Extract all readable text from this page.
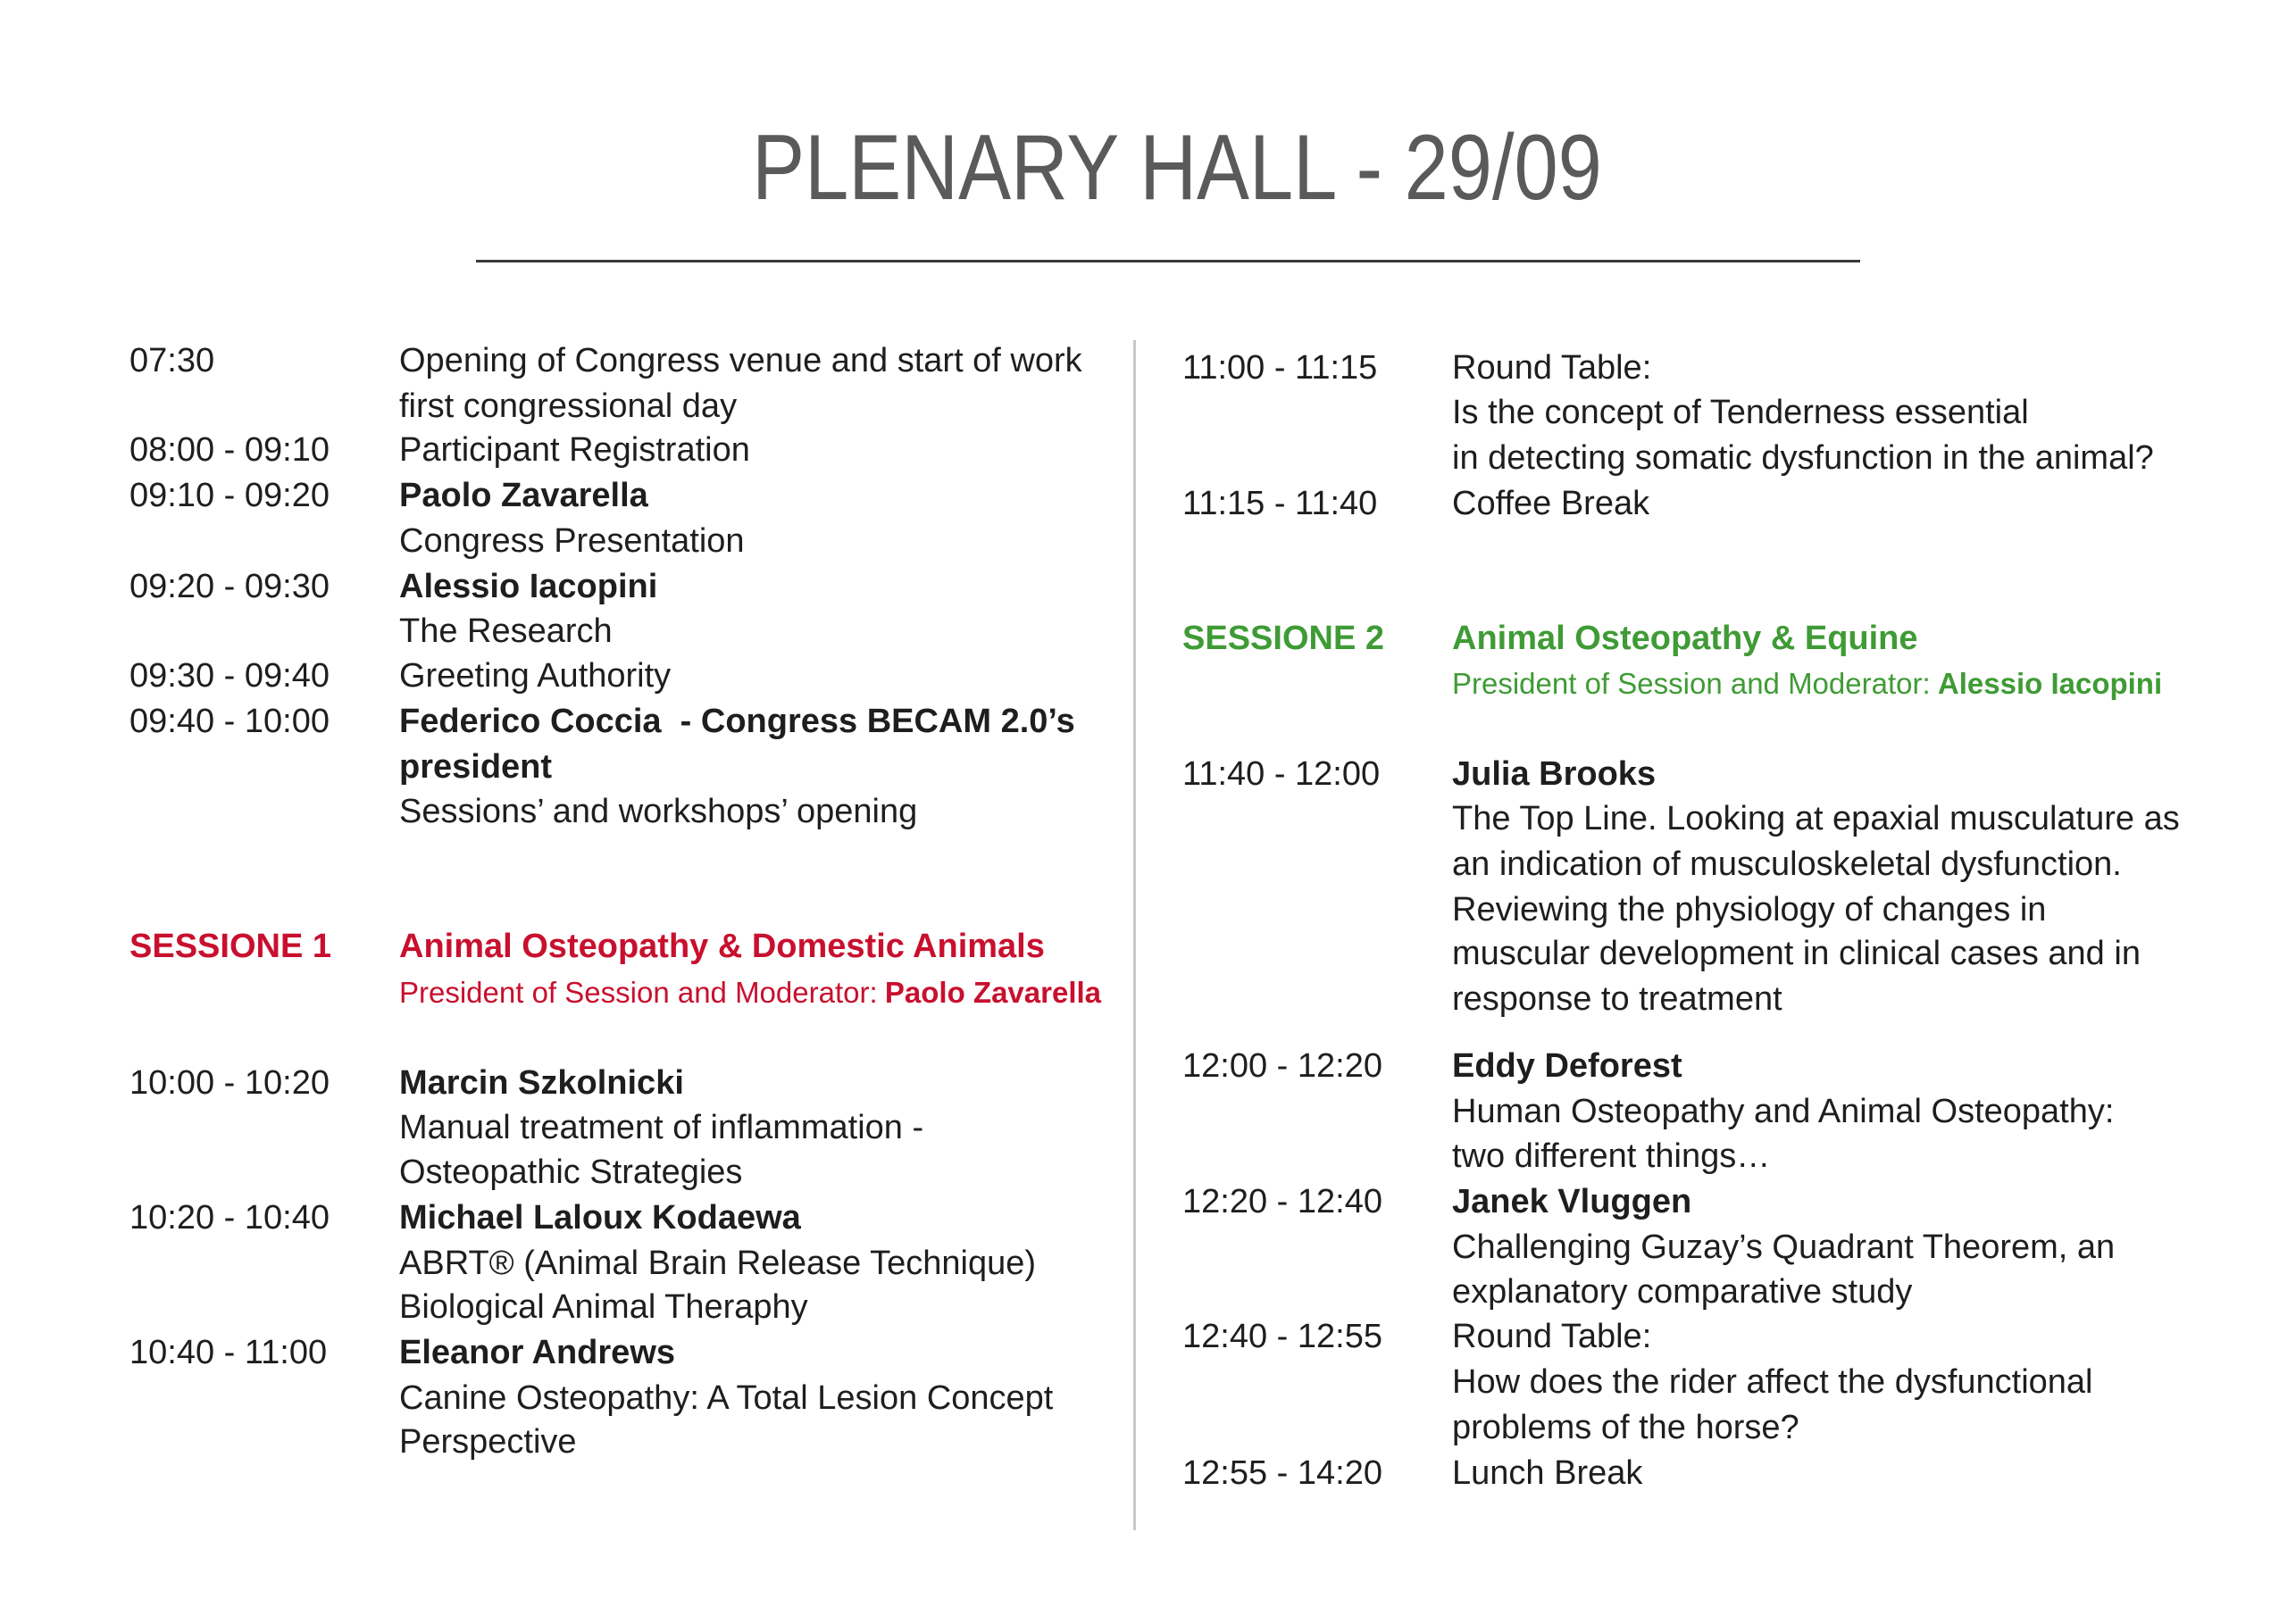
PLENARY HALL - 29/09
07:30	Opening of Congress venue and start of work
first congressional day
08:00 - 09:10 Participant Registration
09:10 - 09:20 Paolo Zavarella
Congress Presentation
09:20 - 09:30 Alessio Iacopini
The Research
09:30 - 09:40 Greeting Authority
09:40 - 10:00 Federico Coccia  - Congress BECAM 2.0’s
president
Sessions’ and workshops’ opening
SESSIONE 1 Animal Osteopathy & Domestic Animals
President of Session and Moderator: Paolo Zavarella
10:00 - 10:20 Marcin Szkolnicki
Manual treatment of inflammation -
Osteopathic Strategies
10:20 - 10:40 Michael Laloux Kodaewa
ABRT® (Animal Brain Release Technique)
Biological Animal Theraphy
10:40 - 11:00 Eleanor Andrews
Canine Osteopathy: A Total Lesion Concept
Perspective
11:00 - 11:15 Round Table:
Is the concept of Tenderness essential
in detecting somatic dysfunction in the animal?
11:15 - 11:40 Coffee Break
SESSIONE 2 Animal Osteopathy & Equine
President of Session and Moderator: Alessio Iacopini
11:40 - 12:00 Julia Brooks
The Top Line. Looking at epaxial musculature as
an indication of musculoskeletal dysfunction.
Reviewing the physiology of changes in
muscular development in clinical cases and in
response to treatment
12:00 - 12:20 Eddy Deforest
Human Osteopathy and Animal Osteopathy:
two different things…
12:20 - 12:40 Janek Vluggen
Challenging Guzay’s Quadrant Theorem, an
explanatory comparative study
12:40 - 12:55 Round Table:
How does the rider affect the dysfunctional
problems of the horse?
12:55 - 14:20 Lunch Break
